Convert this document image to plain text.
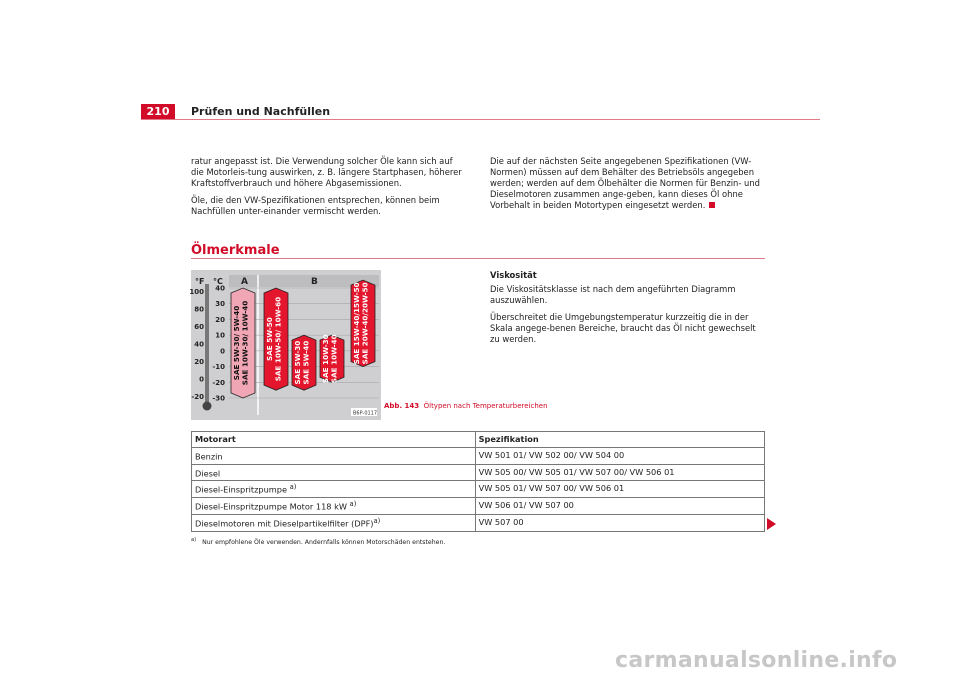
210	Prüfen und Nachfüllen

ratur angepasst ist. Die Verwendung solcher Öle kann sich auf die Motorleis-tung auswirken, z. B. längere Startphasen, höherer Kraftstoffverbrauch und höhere Abgasemissionen.

Öle, die den VW-Spezifikationen entsprechen, können beim Nachfüllen unter-einander vermischt werden.

Die auf der nächsten Seite angegebenen Spezifikationen (VW-Normen) müssen auf dem Behälter des Betriebsöls angegeben werden; werden auf dem Ölbehälter die Normen für Benzin- und Dieselmotoren zusammen ange-geben, kann dieses Öl ohne Vorbehalt in beiden Motortypen eingesetzt werden.

Ölmerkmale
°F °C A	B
40
30
20
10
0
-10
-20
-30
100
80
60
40
20
0
-20
SAE 5W-30/ 5W-40 SAE 10W-30/ 10W-40 SAE 5W-50 SAE 10W-50/ 10W-60 SAE 5W-30 SAE 5W-40 SAE 10W-30 SAE 10W-40 SAE 15W-40/15W-50 SAE 20W-40/20W-50
B6P-0117
Abb. 143 Öltypen nach Temperaturbereichen
Viskosität

Die Viskositätsklasse ist nach dem angeführten Diagramm auszuwählen.

Überschreitet die Umgebungstemperatur kurzzeitig die in der Skala angege-benen Bereiche, braucht das Öl nicht gewechselt zu werden.

Motorart	Spezifikation
Benzin	VW 501 01/ VW 502 00/ VW 504 00
Diesel	VW 505 00/ VW 505 01/ VW 507 00/ VW 506 01
Diesel-Einspritzpumpe $^{a)}$	VW 505 01/ VW 507 00/ VW 506 01
Diesel-Einspritzpumpe Motor 118 kW $^{a)}$	VW 506 01/ VW 507 00
Dieselmotoren mit Dieselpartikelfilter (DPF)$^{a)}$	VW 507 00
$^{a)}$ Nur empfohlene Öle verwenden. Andernfalls können Motorschäden entstehen.
carmanualsonline.info
